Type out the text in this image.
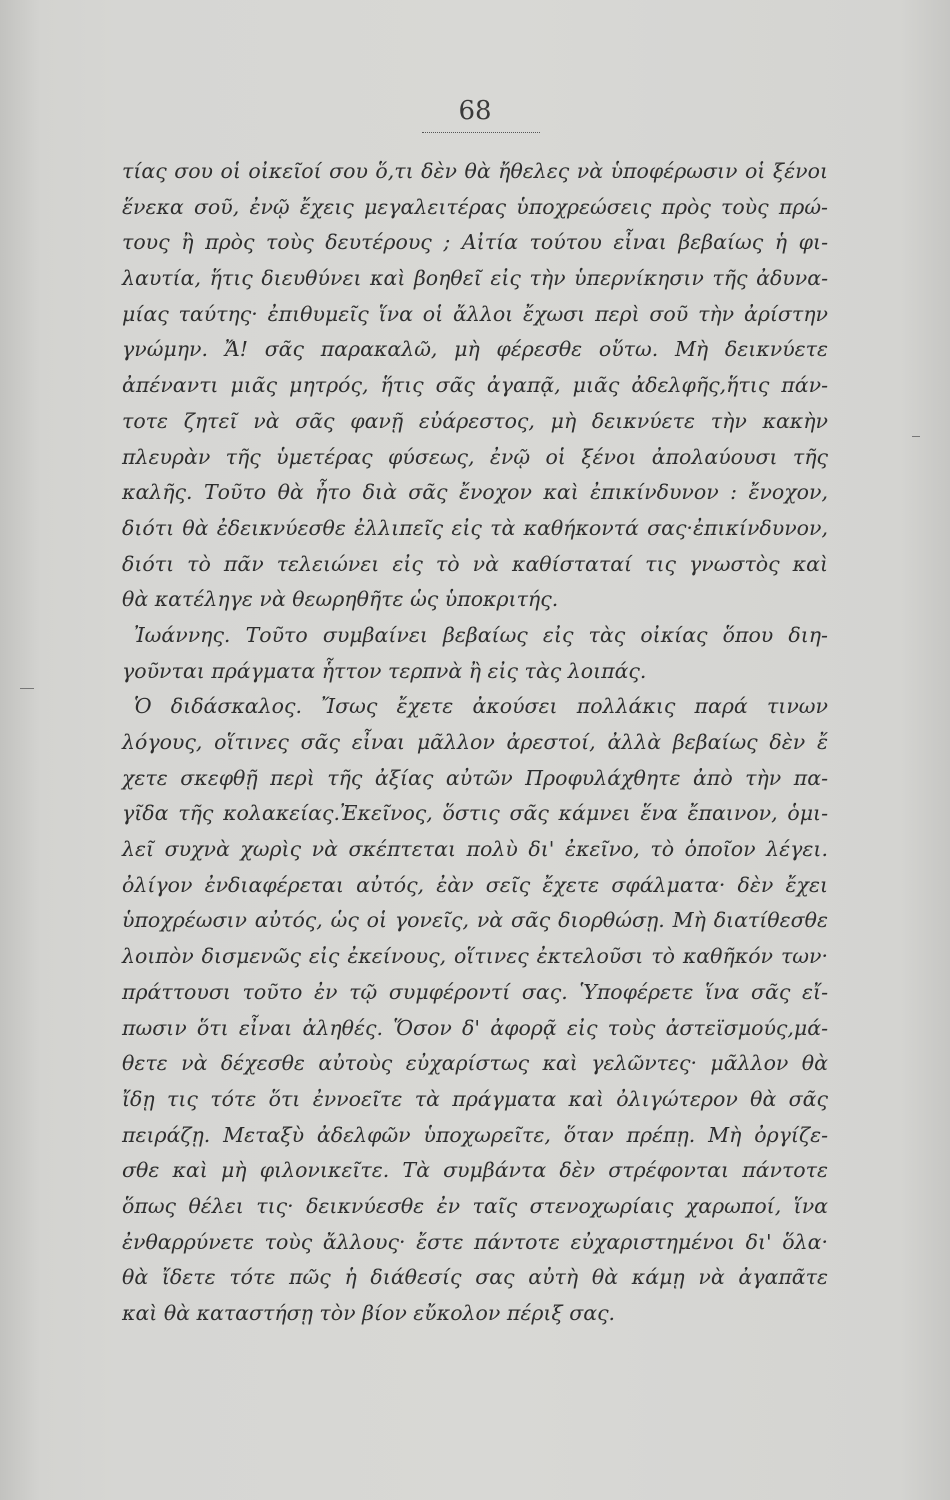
68
τίας σου οἱ οἰκεῖοί σου ὅ,τι δὲν θὰ ἤθελες νὰ ὑποφέρωσιν οἱ ξένοι
ἕνεκα σοῦ, ἐνῷ ἔχεις μεγαλειτέρας ὑποχρεώσεις πρὸς τοὺς πρώ-
τους ἢ πρὸς τοὺς δευτέρους ; Αἰτία τούτου εἶναι βεβαίως ἡ φι-
λαυτία, ἥτις διευθύνει καὶ βοηθεῖ εἰς τὴν ὑπερνίκησιν τῆς ἀδυνα-
μίας ταύτης· ἐπιθυμεῖς ἵνα οἱ ἄλλοι ἔχωσι περὶ σοῦ τὴν ἀρίστην
γνώμην. Ἄ! σᾶς παρακαλῶ, μὴ φέρεσθε οὕτω. Μὴ δεικνύετε
ἀπέναντι μιᾶς μητρός, ἥτις σᾶς ἀγαπᾷ, μιᾶς ἀδελφῆς,ἥτις πάν-
τοτε ζητεῖ νὰ σᾶς φανῇ εὐάρεστος, μὴ δεικνύετε τὴν κακὴν
πλευρὰν τῆς ὑμετέρας φύσεως, ἐνῷ οἱ ξένοι ἀπολαύουσι τῆς
καλῆς. Τοῦτο θὰ ἦτο διὰ σᾶς ἔνοχον καὶ ἐπικίνδυνον : ἔνοχον,
διότι θὰ ἐδεικνύεσθε ἐλλιπεῖς εἰς τὰ καθήκοντά σας·ἐπικίνδυνον,
διότι τὸ πᾶν τελειώνει εἰς τὸ νὰ καθίσταταί τις γνωστὸς καὶ
θὰ κατέληγε νὰ θεωρηθῆτε ὡς ὑποκριτής.
Ἰωάννης. Τοῦτο συμβαίνει βεβαίως εἰς τὰς οἰκίας ὅπου διη-
γοῦνται πράγματα ἧττον τερπνὰ ἢ εἰς τὰς λοιπάς.
Ὁ διδάσκαλος. Ἴσως ἔχετε ἀκούσει πολλάκις παρά τινων
λόγους, οἵτινες σᾶς εἶναι μᾶλλον ἀρεστοί, ἀλλὰ βεβαίως δὲν ἔ
χετε σκεφθῇ περὶ τῆς ἀξίας αὐτῶν Προφυλάχθητε ἀπὸ τὴν πα-
γῖδα τῆς κολακείας.Ἐκεῖνος, ὅστις σᾶς κάμνει ἕνα ἔπαινον, ὁμι-
λεῖ συχνὰ χωρὶς νὰ σκέπτεται πολὺ δι' ἐκεῖνο, τὸ ὁποῖον λέγει.
ὀλίγον ἐνδιαφέρεται αὐτός, ἐὰν σεῖς ἔχετε σφάλματα· δὲν ἔχει
ὑποχρέωσιν αὐτός, ὡς οἱ γονεῖς, νὰ σᾶς διορθώσῃ. Μὴ διατίθεσθε
λοιπὸν δισμενῶς εἰς ἐκείνους, οἵτινες ἐκτελοῦσι τὸ καθῆκόν των·
πράττουσι τοῦτο ἐν τῷ συμφέροντί σας. Ὑποφέρετε ἵνα σᾶς εἴ-
πωσιν ὅτι εἶναι ἀληθές. Ὅσον δ' ἀφορᾷ εἰς τοὺς ἀστεϊσμούς,μά-
θετε νὰ δέχεσθε αὐτοὺς εὐχαρίστως καὶ γελῶντες· μᾶλλον θὰ
ἴδῃ τις τότε ὅτι ἐννοεῖτε τὰ πράγματα καὶ ὀλιγώτερον θὰ σᾶς
πειράζῃ. Μεταξὺ ἀδελφῶν ὑποχωρεῖτε, ὅταν πρέπῃ. Μὴ ὀργίζε-
σθε καὶ μὴ φιλονικεῖτε. Τὰ συμβάντα δὲν στρέφονται πάντοτε
ὅπως θέλει τις· δεικνύεσθε ἐν ταῖς στενοχωρίαις χαρωποί, ἵνα
ἐνθαρρύνετε τοὺς ἄλλους· ἔστε πάντοτε εὐχαριστημένοι δι' ὅλα·
θὰ ἴδετε τότε πῶς ἡ διάθεσίς σας αὐτὴ θὰ κάμῃ νὰ ἀγαπᾶτε
καὶ θὰ καταστήσῃ τὸν βίον εὔκολον πέριξ σας.
